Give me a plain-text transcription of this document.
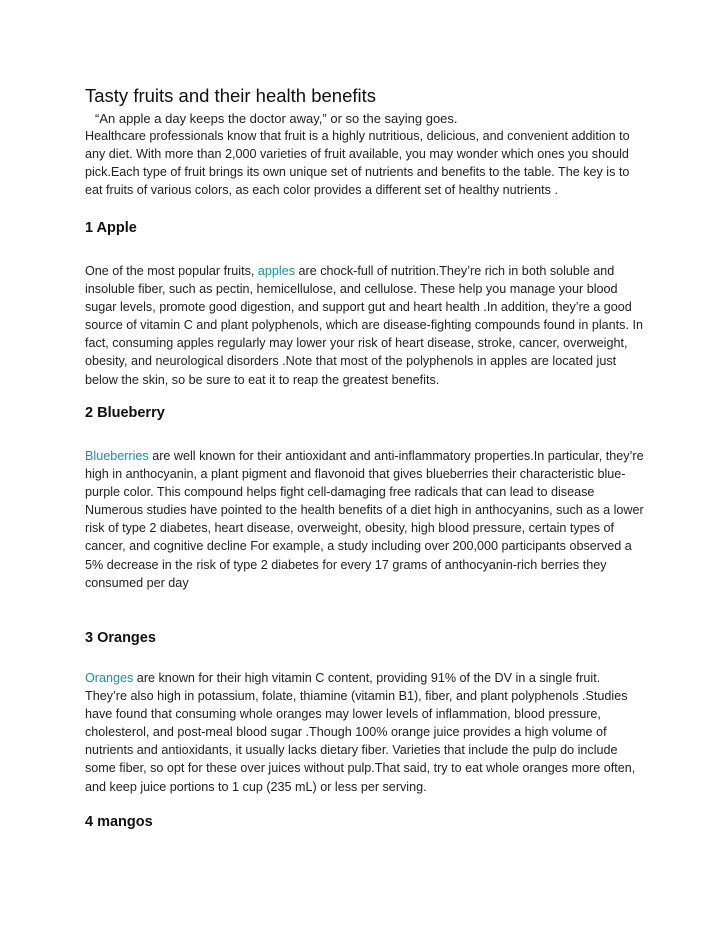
Tasty fruits and their health benefits
“An apple a day keeps the doctor away,” or so the saying goes.
Healthcare professionals know that fruit is a highly nutritious, delicious, and convenient addition to any diet. With more than 2,000 varieties of fruit available, you may wonder which ones you should pick.Each type of fruit brings its own unique set of nutrients and benefits to the table. The key is to eat fruits of various colors, as each color provides a different set of healthy nutrients .
1 Apple
One of the most popular fruits, apples are chock-full of nutrition.They’re rich in both soluble and insoluble fiber, such as pectin, hemicellulose, and cellulose. These help you manage your blood sugar levels, promote good digestion, and support gut and heart health .In addition, they’re a good source of vitamin C and plant polyphenols, which are disease-fighting compounds found in plants. In fact, consuming apples regularly may lower your risk of heart disease, stroke, cancer, overweight, obesity, and neurological disorders .Note that most of the polyphenols in apples are located just below the skin, so be sure to eat it to reap the greatest benefits.
2 Blueberry
Blueberries are well known for their antioxidant and anti-inflammatory properties.In particular, they’re high in anthocyanin, a plant pigment and flavonoid that gives blueberries their characteristic blue-purple color. This compound helps fight cell-damaging free radicals that can lead to disease Numerous studies have pointed to the health benefits of a diet high in anthocyanins, such as a lower risk of type 2 diabetes, heart disease, overweight, obesity, high blood pressure, certain types of cancer, and cognitive decline For example, a study including over 200,000 participants observed a 5% decrease in the risk of type 2 diabetes for every 17 grams of anthocyanin-rich berries they consumed per day
3 Oranges
Oranges are known for their high vitamin C content, providing 91% of the DV in a single fruit. They’re also high in potassium, folate, thiamine (vitamin B1), fiber, and plant polyphenols .Studies have found that consuming whole oranges may lower levels of inflammation, blood pressure, cholesterol, and post-meal blood sugar .Though 100% orange juice provides a high volume of nutrients and antioxidants, it usually lacks dietary fiber. Varieties that include the pulp do include some fiber, so opt for these over juices without pulp.That said, try to eat whole oranges more often, and keep juice portions to 1 cup (235 mL) or less per serving.
4 mangos
